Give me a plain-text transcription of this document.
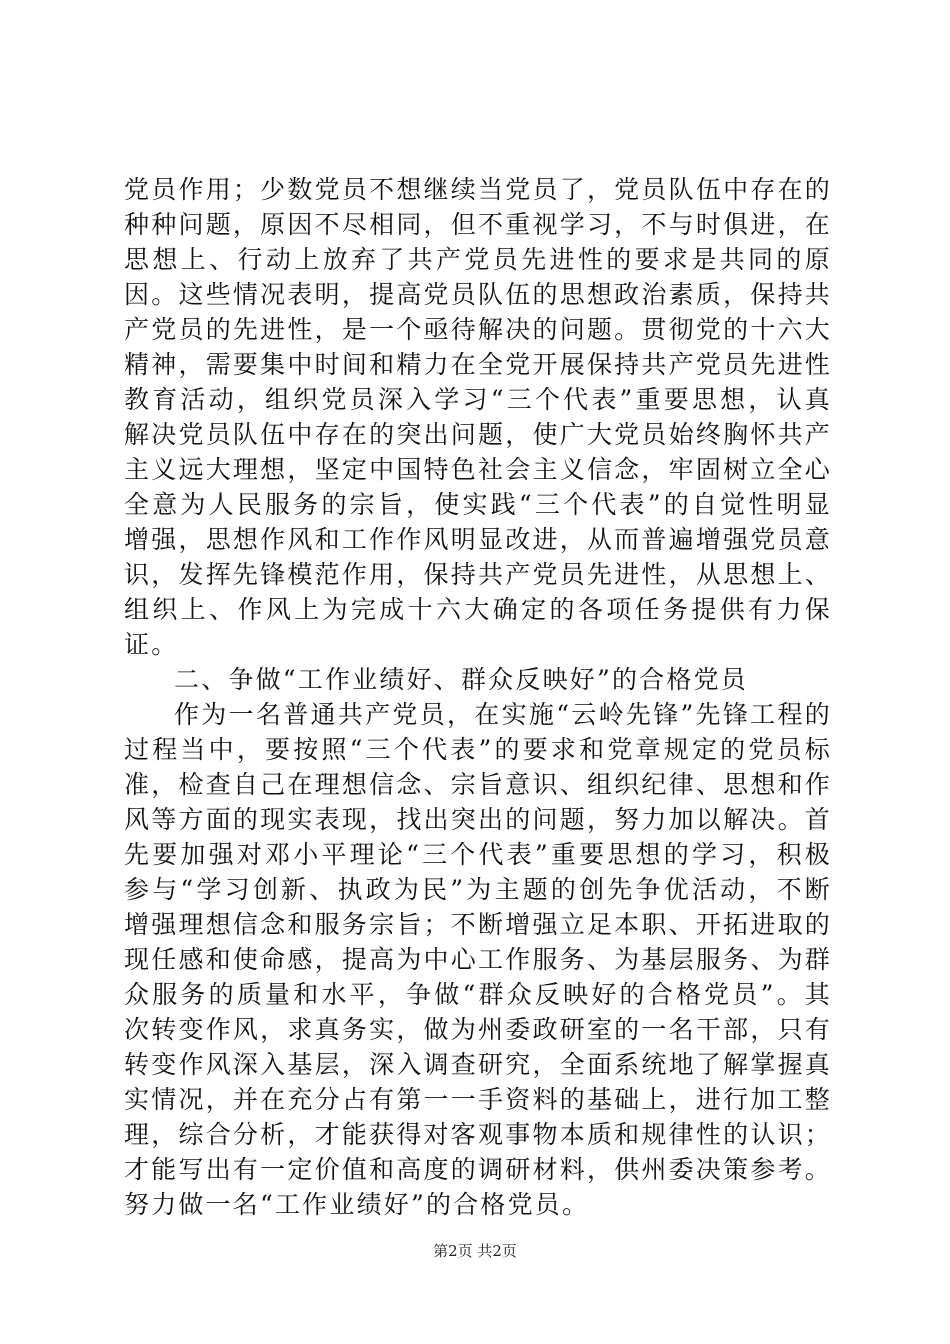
党员作用；少数党员不想继续当党员了，党员队伍中存在的种种问题，原因不尽相同，但不重视学习，不与时俱进，在思想上、行动上放弃了共产党员先进性的要求是共同的原因。这些情况表明，提高党员队伍的思想政治素质，保持共产党员的先进性，是一个亟待解决的问题。贯彻党的十六大精神，需要集中时间和精力在全党开展保持共产党员先进性教育活动，组织党员深入学习“三个代表”重要思想，认真解决党员队伍中存在的突出问题，使广大党员始终胸怀共产主义远大理想，坚定中国特色社会主义信念，牢固树立全心全意为人民服务的宗旨，使实践“三个代表”的自觉性明显增强，思想作风和工作作风明显改进，从而普遍增强党员意识，发挥先锋模范作用，保持共产党员先进性，从思想上、组织上、作风上为完成十六大确定的各项任务提供有力保证。

二、争做“工作业绩好、群众反映好”的合格党员

作为一名普通共产党员，在实施“云岭先锋”先锋工程的过程当中，要按照“三个代表”的要求和党章规定的党员标准，检查自己在理想信念、宗旨意识、组织纪律、思想和作风等方面的现实表现，找出突出的问题，努力加以解决。首先要加强对邓小平理论“三个代表”重要思想的学习，积极参与“学习创新、执政为民”为主题的创先争优活动，不断增强理想信念和服务宗旨；不断增强立足本职、开拓进取的现任感和使命感，提高为中心工作服务、为基层服务、为群众服务的质量和水平，争做“群众反映好的合格党员”。其次转变作风，求真务实，做为州委政研室的一名干部，只有转变作风深入基层，深入调查研究，全面系统地了解掌握真实情况，并在充分占有第一一手资料的基础上，进行加工整理，综合分析，才能获得对客观事物本质和规律性的认识；才能写出有一定价值和高度的调研材料，供州委决策参考。努力做一名“工作业绩好”的合格党员。

第2页 共2页
